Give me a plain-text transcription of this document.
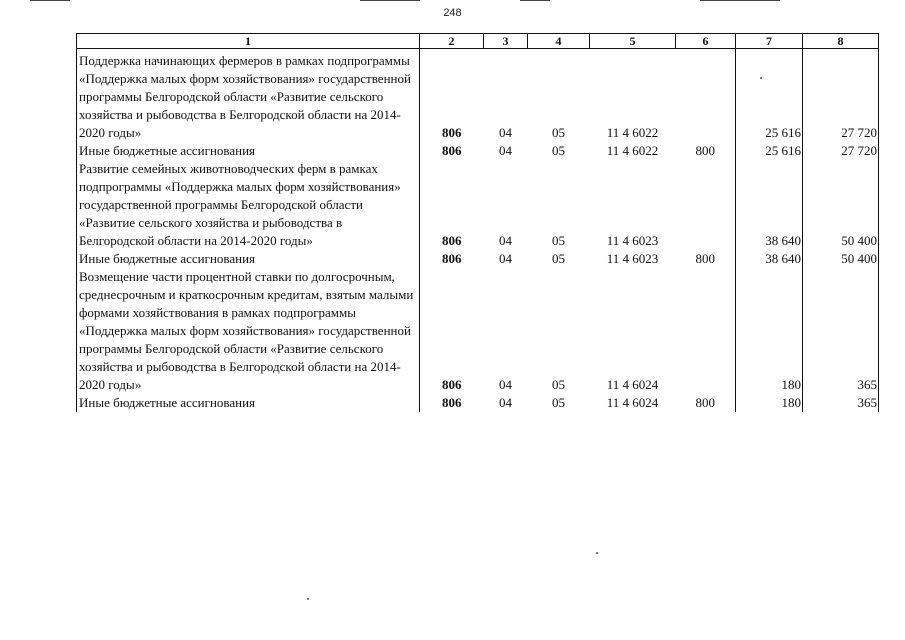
248
1	2	3	4	5	6	7	8
Поддержка начинающих фермеров в рамках подпрограммы «Поддержка малых форм хозяйствования» государственной программы Белгородской области «Развитие сельского хозяйства и рыбоводства в Белгородской области на 2014-2020 годы»	806	04	05	11 4 6022		25 616	27 720
Иные бюджетные ассигнования	806	04	05	11 4 6022	800	25 616	27 720
Развитие семейных животноводческих ферм в рамках подпрограммы «Поддержка малых форм хозяйствования» государственной программы Белгородской области «Развитие сельского хозяйства и рыбоводства в Белгородской области на 2014-2020 годы»	806	04	05	11 4 6023		38 640	50 400
Иные бюджетные ассигнования	806	04	05	11 4 6023	800	38 640	50 400
Возмещение части процентной ставки по долгосрочным, среднесрочным и краткосрочным кредитам, взятым малыми формами хозяйствования в рамках подпрограммы «Поддержка малых форм хозяйствования» государственной программы Белгородской области «Развитие сельского хозяйства и рыбоводства в Белгородской области на 2014-2020 годы»	806	04	05	11 4 6024		180	365
Иные бюджетные ассигнования	806	04	05	11 4 6024	800	180	365
